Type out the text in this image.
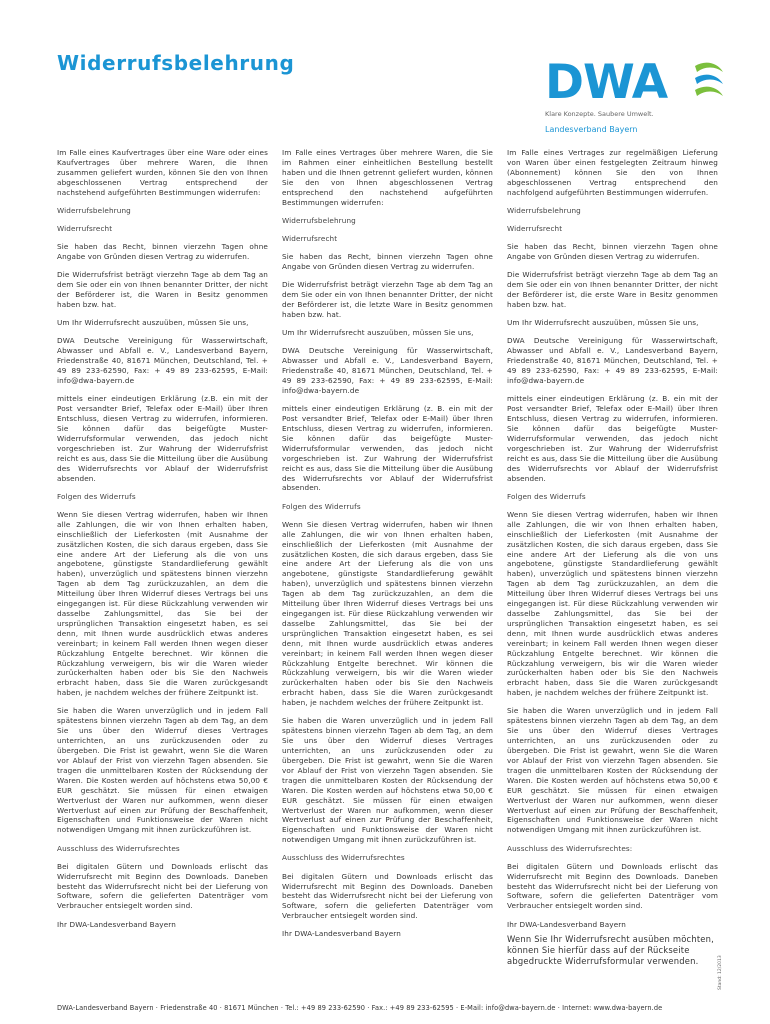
Widerrufsbelehrung	DWA
Klare Konzepte. Saubere Umwelt.
Landesverband Bayern

Im Falle eines Kaufvertrages über eine Ware oder eines Kaufvertrages über mehrere Waren, die Ihnen zusammen geliefert wurden, können Sie den von Ihnen abgeschlossenen Vertrag entsprechend der nachstehend aufgeführten Bestimmungen widerrufen:

Widerrufsbelehrung

Widerrufsrecht

Sie haben das Recht, binnen vierzehn Tagen ohne Angabe von Gründen diesen Vertrag zu widerrufen.

Die Widerrufsfrist beträgt vierzehn Tage ab dem Tag an dem Sie oder ein von Ihnen benannter Dritter, der nicht der Beförderer ist, die Waren in Besitz genommen haben bzw. hat.

Um Ihr Widerrufsrecht auszuüben, müssen Sie uns,

DWA Deutsche Vereinigung für Wasserwirtschaft, Abwasser und Abfall e. V., Landesverband Bayern, Friedenstraße 40, 81671 München, Deutschland, Tel. + 49 89 233-62590, Fax: + 49 89 233-62595, E-Mail: info@dwa-bayern.de

mittels einer eindeutigen Erklärung (z.B. ein mit der Post versandter Brief, Telefax oder E-Mail) über Ihren Entschluss, diesen Vertrag zu widerrufen, informieren. Sie können dafür das beigefügte Muster-Widerrufsformular verwenden, das jedoch nicht vorgeschrieben ist. Zur Wahrung der Widerrufsfrist reicht es aus, dass Sie die Mitteilung über die Ausübung des Widerrufsrechts vor Ablauf der Widerrufsfrist absenden.

Folgen des Widerrufs

Wenn Sie diesen Vertrag widerrufen, haben wir Ihnen alle Zahlungen, die wir von Ihnen erhalten haben, einschließlich der Lieferkosten (mit Ausnahme der zusätzlichen Kosten, die sich daraus ergeben, dass Sie eine andere Art der Lieferung als die von uns angebotene, günstigste Standardlieferung gewählt haben), unverzüglich und spätestens binnen vierzehn Tagen ab dem Tag zurückzuzahlen, an dem die Mitteilung über Ihren Widerruf dieses Vertrags bei uns eingegangen ist. Für diese Rückzahlung verwenden wir dasselbe Zahlungsmittel, das Sie bei der ursprünglichen Transaktion eingesetzt haben, es sei denn, mit Ihnen wurde ausdrücklich etwas anderes vereinbart; in keinem Fall werden Ihnen wegen dieser Rückzahlung Entgelte berechnet. Wir können die Rückzahlung verweigern, bis wir die Waren wieder zurückerhalten haben oder bis Sie den Nachweis erbracht haben, dass Sie die Waren zurückgesandt haben, je nachdem welches der frühere Zeitpunkt ist.

Sie haben die Waren unverzüglich und in jedem Fall spätestens binnen vierzehn Tagen ab dem Tag, an dem Sie uns über den Widerruf dieses Vertrages unterrichten, an uns zurückzusenden oder zu übergeben. Die Frist ist gewahrt, wenn Sie die Waren vor Ablauf der Frist von vierzehn Tagen absenden. Sie tragen die unmittelbaren Kosten der Rücksendung der Waren. Die Kosten werden auf höchstens etwa 50,00 € EUR geschätzt. Sie müssen für einen etwaigen Wertverlust der Waren nur aufkommen, wenn dieser Wertverlust auf einen zur Prüfung der Beschaffenheit, Eigenschaften und Funktionsweise der Waren nicht notwendigen Umgang mit ihnen zurückzuführen ist.

Ausschluss des Widerrufsrechtes

Bei digitalen Gütern und Downloads erlischt das Widerrufsrecht mit Beginn des Downloads. Daneben besteht das Widerrufsrecht nicht bei der Lieferung von Software, sofern die gelieferten Datenträger vom Verbraucher entsiegelt worden sind.

Ihr DWA-Landesverband Bayern

Im Falle eines Vertrages über mehrere Waren, die Sie im Rahmen einer einheitlichen Bestellung bestellt haben und die Ihnen getrennt geliefert wurden, können Sie den von Ihnen abgeschlossenen Vertrag entsprechend den nachstehend aufgeführten Bestimmungen widerrufen:

Widerrufsbelehrung

Widerrufsrecht

Sie haben das Recht, binnen vierzehn Tagen ohne Angabe von Gründen diesen Vertrag zu widerrufen.

Die Widerrufsfrist beträgt vierzehn Tage ab dem Tag an dem Sie oder ein von Ihnen benannter Dritter, der nicht der Beförderer ist, die letzte Ware in Besitz genommen haben bzw. hat.

Um Ihr Widerrufsrecht auszuüben, müssen Sie uns,

DWA Deutsche Vereinigung für Wasserwirtschaft, Abwasser und Abfall e. V., Landesverband Bayern, Friedenstraße 40, 81671 München, Deutschland, Tel. + 49 89 233-62590, Fax: + 49 89 233-62595, E-Mail: info@dwa-bayern.de

mittels einer eindeutigen Erklärung (z. B. ein mit der Post versandter Brief, Telefax oder E-Mail) über Ihren Entschluss, diesen Vertrag zu widerrufen, informieren. Sie können dafür das beigefügte Muster-Widerrufsformular verwenden, das jedoch nicht vorgeschrieben ist. Zur Wahrung der Widerrufsfrist reicht es aus, dass Sie die Mitteilung über die Ausübung des Widerrufsrechts vor Ablauf der Widerrufsfrist absenden.

Folgen des Widerrufs

Wenn Sie diesen Vertrag widerrufen, haben wir Ihnen alle Zahlungen, die wir von Ihnen erhalten haben, einschließlich der Lieferkosten (mit Ausnahme der zusätzlichen Kosten, die sich daraus ergeben, dass Sie eine andere Art der Lieferung als die von uns angebotene, günstigste Standardlieferung gewählt haben), unverzüglich und spätestens binnen vierzehn Tagen ab dem Tag zurückzuzahlen, an dem die Mitteilung über Ihren Widerruf dieses Vertrags bei uns eingegangen ist. Für diese Rückzahlung verwenden wir dasselbe Zahlungsmittel, das Sie bei der ursprünglichen Transaktion eingesetzt haben, es sei denn, mit Ihnen wurde ausdrücklich etwas anderes vereinbart; in keinem Fall werden Ihnen wegen dieser Rückzahlung Entgelte berechnet. Wir können die Rückzahlung verweigern, bis wir die Waren wieder zurückerhalten haben oder bis Sie den Nachweis erbracht haben, dass Sie die Waren zurückgesandt haben, je nachdem welches der frühere Zeitpunkt ist.

Sie haben die Waren unverzüglich und in jedem Fall spätestens binnen vierzehn Tagen ab dem Tag, an dem Sie uns über den Widerruf dieses Vertrages unterrichten, an uns zurückzusenden oder zu übergeben. Die Frist ist gewahrt, wenn Sie die Waren vor Ablauf der Frist von vierzehn Tagen absenden. Sie tragen die unmittelbaren Kosten der Rücksendung der Waren. Die Kosten werden auf höchstens etwa 50,00 € EUR geschätzt. Sie müssen für einen etwaigen Wertverlust der Waren nur aufkommen, wenn dieser Wertverlust auf einen zur Prüfung der Beschaffenheit, Eigenschaften und Funktionsweise der Waren nicht notwendigen Umgang mit ihnen zurückzuführen ist.

Ausschluss des Widerrufsrechtes

Bei digitalen Gütern und Downloads erlischt das Widerrufsrecht mit Beginn des Downloads. Daneben besteht das Widerrufsrecht nicht bei der Lieferung von Software, sofern die gelieferten Datenträger vom Verbraucher entsiegelt worden sind.

Ihr DWA-Landesverband Bayern

Im Falle eines Vertrages zur regelmäßigen Lieferung von Waren über einen festgelegten Zeitraum hinweg (Abonnement) können Sie den von Ihnen abgeschlossenen Vertrag entsprechend den nachfolgend aufgeführten Bestimmungen widerrufen.

Widerrufsbelehrung

Widerrufsrecht

Sie haben das Recht, binnen vierzehn Tagen ohne Angabe von Gründen diesen Vertrag zu widerrufen.

Die Widerrufsfrist beträgt vierzehn Tage ab dem Tag an dem Sie oder ein von Ihnen benannter Dritter, der nicht der Beförderer ist, die erste Ware in Besitz genommen haben bzw. hat.

Um Ihr Widerrufsrecht auszuüben, müssen Sie uns,

DWA Deutsche Vereinigung für Wasserwirtschaft, Abwasser und Abfall e. V., Landesverband Bayern, Friedenstraße 40, 81671 München, Deutschland, Tel. + 49 89 233-62590, Fax: + 49 89 233-62595, E-Mail: info@dwa-bayern.de

mittels einer eindeutigen Erklärung (z. B. ein mit der Post versandter Brief, Telefax oder E-Mail) über Ihren Entschluss, diesen Vertrag zu widerrufen, informieren. Sie können dafür das beigefügte Muster-Widerrufsformular verwenden, das jedoch nicht vorgeschrieben ist. Zur Wahrung der Widerrufsfrist reicht es aus, dass Sie die Mitteilung über die Ausübung des Widerrufsrechts vor Ablauf der Widerrufsfrist absenden.

Folgen des Widerrufs

Wenn Sie diesen Vertrag widerrufen, haben wir Ihnen alle Zahlungen, die wir von Ihnen erhalten haben, einschließlich der Lieferkosten (mit Ausnahme der zusätzlichen Kosten, die sich daraus ergeben, dass Sie eine andere Art der Lieferung als die von uns angebotene, günstigste Standardlieferung gewählt haben), unverzüglich und spätestens binnen vierzehn Tagen ab dem Tag zurückzuzahlen, an dem die Mitteilung über Ihren Widerruf dieses Vertrags bei uns eingegangen ist. Für diese Rückzahlung verwenden wir dasselbe Zahlungsmittel, das Sie bei der ursprünglichen Transaktion eingesetzt haben, es sei denn, mit Ihnen wurde ausdrücklich etwas anderes vereinbart; in keinem Fall werden Ihnen wegen dieser Rückzahlung Entgelte berechnet. Wir können die Rückzahlung verweigern, bis wir die Waren wieder zurückerhalten haben oder bis Sie den Nachweis erbracht haben, dass Sie die Waren zurückgesandt haben, je nachdem welches der frühere Zeitpunkt ist.

Sie haben die Waren unverzüglich und in jedem Fall spätestens binnen vierzehn Tagen ab dem Tag, an dem Sie uns über den Widerruf dieses Vertrages unterrichten, an uns zurückzusenden oder zu übergeben. Die Frist ist gewahrt, wenn Sie die Waren vor Ablauf der Frist von vierzehn Tagen absenden. Sie tragen die unmittelbaren Kosten der Rücksendung der Waren. Die Kosten werden auf höchstens etwa 50,00 € EUR geschätzt. Sie müssen für einen etwaigen Wertverlust der Waren nur aufkommen, wenn dieser Wertverlust auf einen zur Prüfung der Beschaffenheit, Eigenschaften und Funktionsweise der Waren nicht notwendigen Umgang mit ihnen zurückzuführen ist.

Ausschluss des Widerrufsrechtes:

Bei digitalen Gütern und Downloads erlischt das Widerrufsrecht mit Beginn des Downloads. Daneben besteht das Widerrufsrecht nicht bei der Lieferung von Software, sofern die gelieferten Datenträger vom Verbraucher entsiegelt worden sind.

Ihr DWA-Landesverband Bayern

Wenn Sie Ihr Widerrufsrecht ausüben möchten, können Sie hierfür dass auf der Rückseite abgedruckte Widerrufsformular verwenden.	Stand: 12/2013
DWA-Landesverband Bayern · Friedenstraße 40 · 81671 München · Tel.: +49 89 233-62590 · Fax.: +49 89 233-62595 · E-Mail: info@dwa-bayern.de · Internet: www.dwa-bayern.de
